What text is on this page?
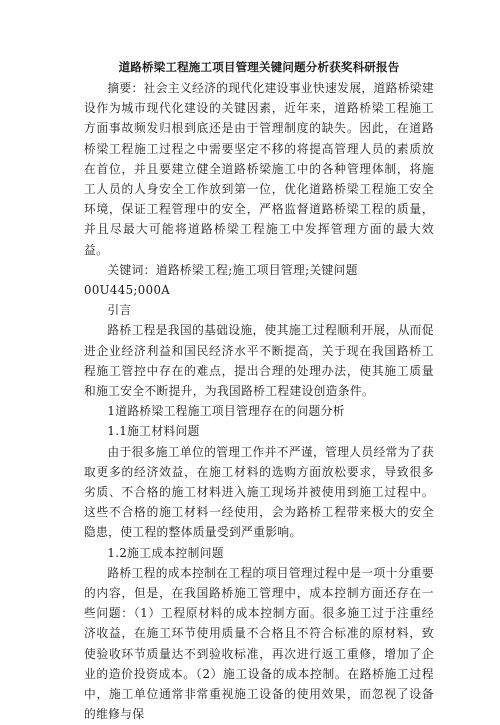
道路桥梁工程施工项目管理关键问题分析获奖科研报告

摘要：社会主义经济的现代化建设事业快速发展，道路桥梁建设作为城市现代化建设的关键因素，近年来，道路桥梁工程施工方面事故频发归根到底还是由于管理制度的缺失。因此，在道路桥梁工程施工过程之中需要坚定不移的将提高管理人员的素质放在首位，并且要建立健全道路桥梁施工中的各种管理体制，将施工人员的人身安全工作放到第一位，优化道路桥梁工程施工安全环境，保证工程管理中的安全，严格监督道路桥梁工程的质量，并且尽最大可能将道路桥梁工程施工中发挥管理方面的最大效益。

关键词：道路桥梁工程;施工项目管理;关键问题

00U445;000A

引言

路桥工程是我国的基础设施，使其施工过程顺利开展，从而促进企业经济利益和国民经济水平不断提高，关于现在我国路桥工程施工管控中存在的难点，提出合理的处理办法，使其施工质量和施工安全不断提升，为我国路桥工程建设创造条件。

1道路桥梁工程施工项目管理存在的问题分析

1.1施工材料问题

由于很多施工单位的管理工作并不严谨，管理人员经常为了获取更多的经济效益，在施工材料的选购方面放松要求，导致很多劣质、不合格的施工材料进入施工现场并被使用到施工过程中。这些不合格的施工材料一经使用，会为路桥工程带来极大的安全隐患，使工程的整体质量受到严重影响。

1.2施工成本控制问题

路桥工程的成本控制在工程的项目管理过程中是一项十分重要的内容，但是，在我国路桥施工管理中，成本控制方面还存在一些问题：（1）工程原材料的成本控制方面。很多施工过于注重经济收益，在施工环节使用质量不合格且不符合标准的原材料，致使验收环节质量达不到验收标准，再次进行返工重修，增加了企业的造价投资成本。（2）施工设备的成本控制。在路桥施工过程中，施工单位通常非常重视施工设备的使用效果，而忽视了设备的维修与保
